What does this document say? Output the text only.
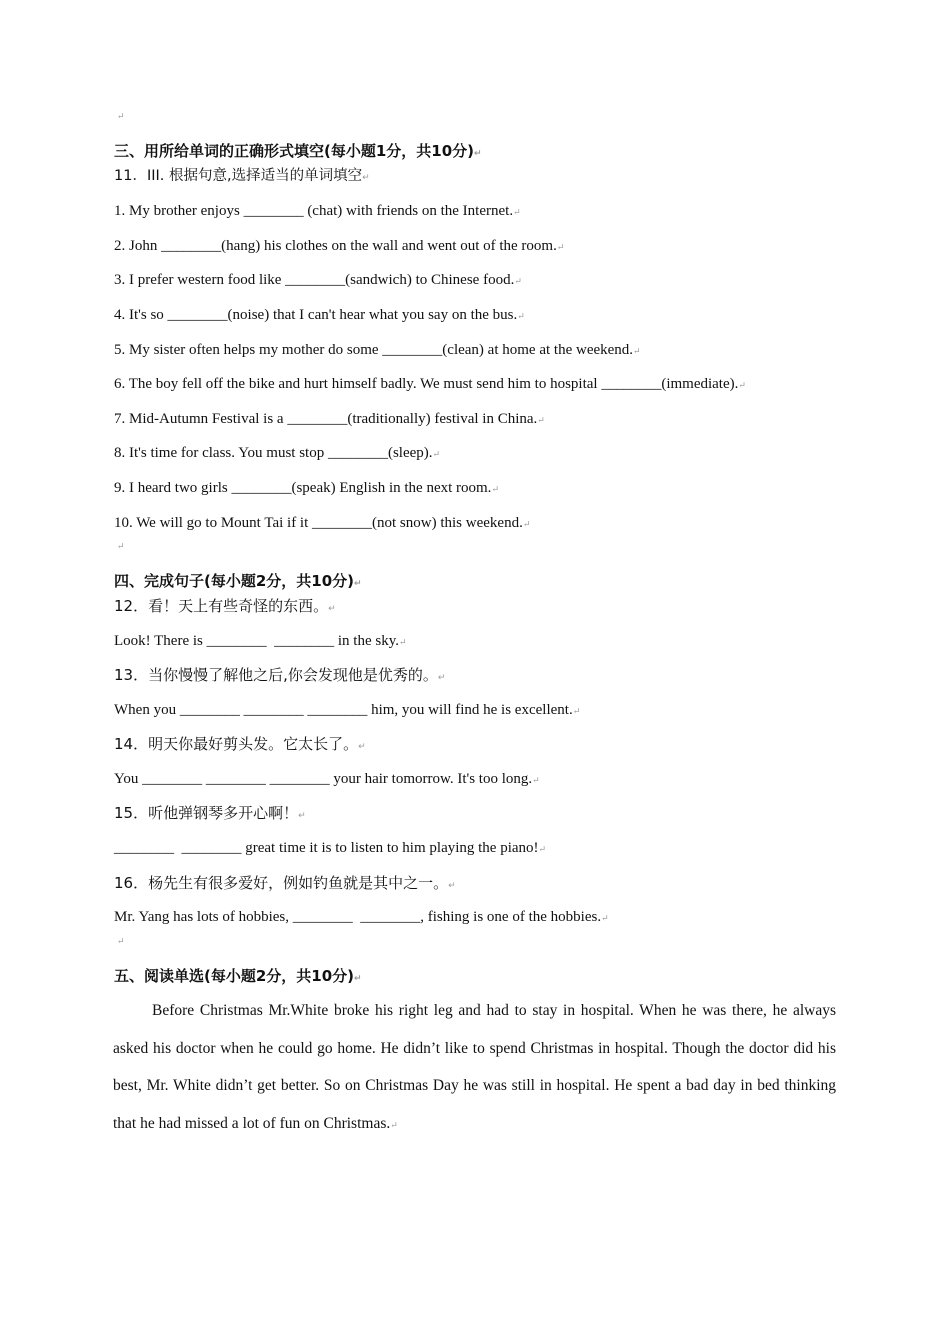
↵
三、用所给单词的正确形式填空(每小题1分，共10分)↵
11．III. 根据句意,选择适当的单词填空↵
1. My brother enjoys ________ (chat) with friends on the Internet.↵
2. John ________(hang) his clothes on the wall and went out of the room.↵
3. I prefer western food like ________(sandwich) to Chinese food.↵
4. It's so ________(noise) that I can't hear what you say on the bus.↵
5. My sister often helps my mother do some ________(clean) at home at the weekend.↵
6. The boy fell off the bike and hurt himself badly. We must send him to hospital ________(immediate).↵
7. Mid-Autumn Festival is a ________(traditionally) festival in China.↵
8. It's time for class. You must stop ________(sleep).↵
9. I heard two girls ________(speak) English in the next room.↵
10. We will go to Mount Tai if it ________(not snow) this weekend.↵
↵
四、完成句子(每小题2分，共10分)↵
12．看！天上有些奇怪的东西。↵
Look! There is ________  ________ in the sky.↵
13．当你慢慢了解他之后,你会发现他是优秀的。↵
When you ________ ________ ________ him, you will find he is excellent.↵
14．明天你最好剪头发。它太长了。↵
You ________ ________ ________ your hair tomorrow. It's too long.↵
15．听他弹钢琴多开心啊！↵
________  ________ great time it is to listen to him playing the piano!↵
16．杨先生有很多爱好，例如钓鱼就是其中之一。↵
Mr. Yang has lots of hobbies, ________  ________, fishing is one of the hobbies.↵
↵
五、阅读单选(每小题2分，共10分)↵
Before Christmas Mr.White broke his right leg and had to stay in hospital. When he was there, he always asked his doctor when he could go home. He didn’t like to spend Christmas in hospital. Though the doctor did his best, Mr. White didn’t get better. So on Christmas Day he was still in hospital. He spent a bad day in bed thinking that he had missed a lot of fun on Christmas.↵
